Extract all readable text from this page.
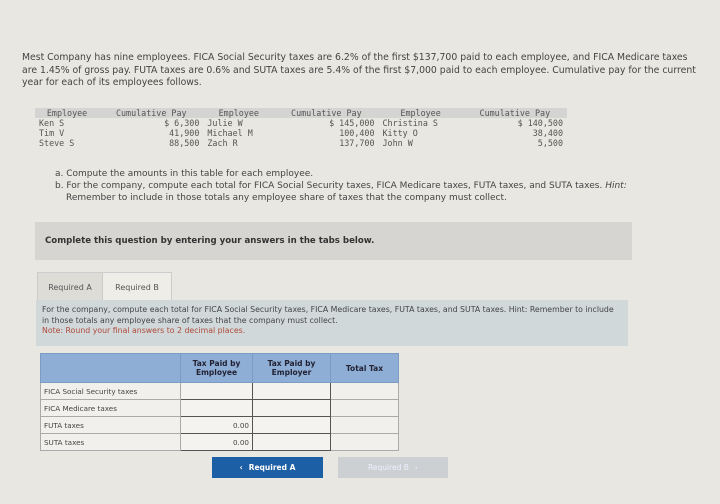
Mest Company has nine employees. FICA Social Security taxes are 6.2% of the first $137,700 paid to each employee, and FICA Medicare taxes are 1.45% of gross pay. FUTA taxes are 0.6% and SUTA taxes are 5.4% of the first $7,000 paid to each employee. Cumulative pay for the current year for each of its employees follows.
Employee	Cumulative Pay	Employee	Cumulative Pay	Employee	Cumulative Pay
Ken S	$ 6,300	Julie W	$ 145,000	Christina S	$ 140,500
Tim V	41,900	Michael M	100,400	Kitty O	38,400
Steve S	88,500	Zach R	137,700	John W	5,500
a. Compute the amounts in this table for each employee.
b. For the company, compute each total for FICA Social Security taxes, FICA Medicare taxes, FUTA taxes, and SUTA taxes. Hint:
Remember to include in those totals any employee share of taxes that the company must collect.
Complete this question by entering your answers in the tabs below.
Required A	Required B
For the company, compute each total for FICA Social Security taxes, FICA Medicare taxes, FUTA taxes, and SUTA taxes. Hint: Remember to include in those totals any employee share of taxes that the company must collect.
Note: Round your final answers to 2 decimal places.
	Tax Paid by Employee	Tax Paid by Employer	Total Tax
FICA Social Security taxes			
FICA Medicare taxes			
FUTA taxes	0.00		
SUTA taxes	0.00		
‹ Required A	Required B ›
